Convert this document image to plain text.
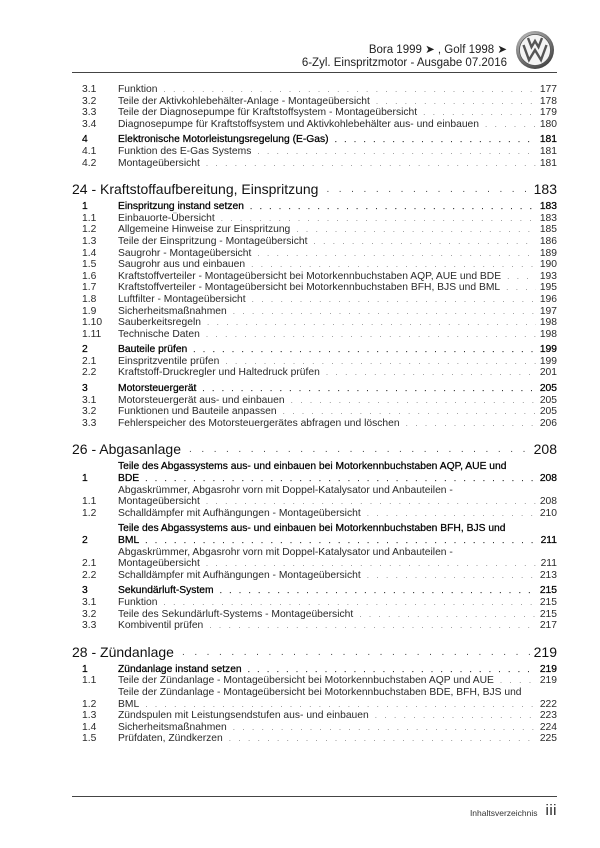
Bora 1999 ➤ , Golf 1998 ➤
6-Zyl. Einspritzmotor - Ausgabe 07.2016
3.1	Funktion . . .	177
3.2	Teile der Aktivkohlebehälter-Anlage - Montageübersicht . . .	178
3.3	Teile der Diagnosepumpe für Kraftstoffsystem - Montageübersicht . . .	179
3.4	Diagnosepumpe für Kraftstoffsystem und Aktivkohlebehälter aus- und einbauen . . .	180
4	Elektronische Motorleistungsregelung (E-Gas) . . .	181
4.1	Funktion des E-Gas Systems . . .	181
4.2	Montageübersicht . . .	181
24 - Kraftstoffaufbereitung, Einspritzung . . .	183
1	Einspritzung instand setzen . . .	183
1.1	Einbauorte-Übersicht . . .	183
1.2	Allgemeine Hinweise zur Einspritzung . . .	185
1.3	Teile der Einspritzung - Montageübersicht . . .	186
1.4	Saugrohr - Montageübersicht . . .	189
1.5	Saugrohr aus und einbauen . . .	190
1.6	Kraftstoffverteiler - Montageübersicht bei Motorkennbuchstaben AQP, AUE und BDE . . .	193
1.7	Kraftstoffverteiler - Montageübersicht bei Motorkennbuchstaben BFH, BJS und BML . . .	195
1.8	Luftfilter - Montageübersicht . . .	196
1.9	Sicherheitsmaßnahmen . . .	197
1.10	Sauberkeitsregeln . . .	198
1.11	Technische Daten . . .	198
2	Bauteile prüfen . . .	199
2.1	Einspritzventile prüfen . . .	199
2.2	Kraftstoff-Druckregler und Haltedruck prüfen . . .	201
3	Motorsteuergerät . . .	205
3.1	Motorsteuergerät aus- und einbauen . . .	205
3.2	Funktionen und Bauteile anpassen . . .	205
3.3	Fehlerspeicher des Motorsteuergerätes abfragen und löschen . . .	206
26 - Abgasanlage . . .	208
1
Teile des Abgassystems aus- und einbauen bei Motorkennbuchstaben AQP, AUE und
BDE . . .	208
1.1
Abgaskrümmer, Abgasrohr vorn mit Doppel-Katalysator und Anbauteilen -
Montageübersicht . . .	208
1.2	Schalldämpfer mit Aufhängungen - Montageübersicht . . .	210
2
Teile des Abgassystems aus- und einbauen bei Motorkennbuchstaben BFH, BJS und
BML . . .	211
2.1
Abgaskrümmer, Abgasrohr vorn mit Doppel-Katalysator und Anbauteilen -
Montageübersicht . . .	211
2.2	Schalldämpfer mit Aufhängungen - Montageübersicht . . .	213
3	Sekundärluft-System . . .	215
3.1	Funktion . . .	215
3.2	Teile des Sekundärluft-Systems - Montageübersicht . . .	215
3.3	Kombiventil prüfen . . .	217
28 - Zündanlage . . .	219
1	Zündanlage instand setzen . . .	219
1.1	Teile der Zündanlage - Montageübersicht bei Motorkennbuchstaben AQP und AUE . . .	219
1.2
Teile der Zündanlage - Montageübersicht bei Motorkennbuchstaben BDE, BFH, BJS und
BML . . .	222
1.3	Zündspulen mit Leistungsendstufen aus- und einbauen . . .	223
1.4	Sicherheitsmaßnahmen . . .	224
1.5	Prüfdaten, Zündkerzen . . .	225
Inhaltsverzeichnis iii
